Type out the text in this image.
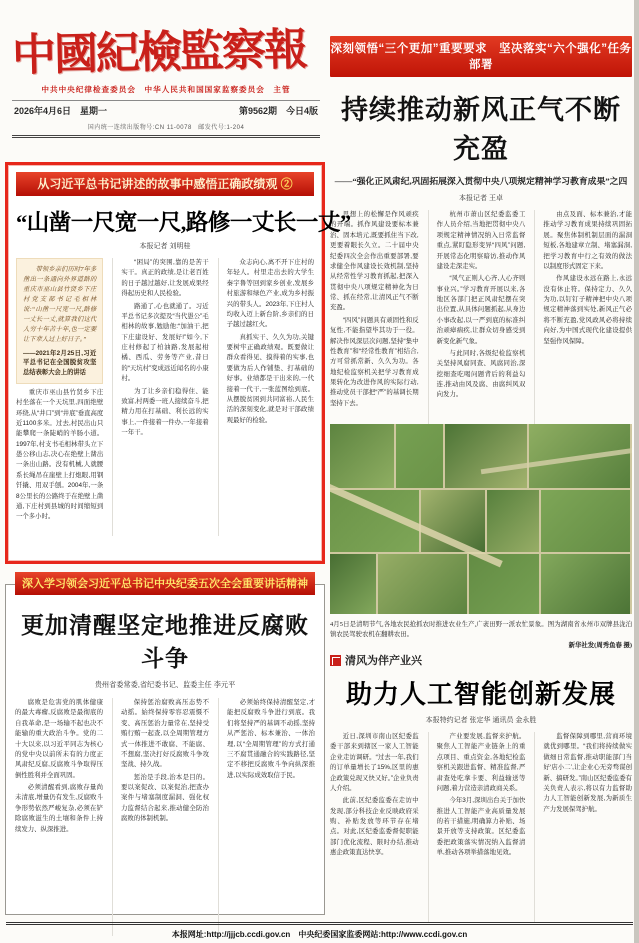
中國紀檢監察報
中共中央纪律检查委员会　中华人民共和国国家监察委员会　主管
2026年4月6日　星期一	第9562期　今日4版
国内统一连续出版物号:CN 11-0078　邮发代号:1-204
深刻领悟“三个更加”重要要求　坚决落实“六个强化”任务部署
持续推动新风正气不断充盈
——“强化正风肃纪,巩固拓展深入贯彻中央八项规定精神学习教育成果”之四
本报记者 王卓

思想上的松懈是作风顽疾的开端。抓作风建设要标本兼治、固本培元,既要抓住当下改,更要着眼长久立。二十届中央纪委四次全会作出重要部署,要求健全作风建设长效机制,坚持从经常性学习教育抓起,把深入贯彻中央八项规定精神化为日常、抓在经常,让清风正气不断充盈。

“四风”问题具有顽固性和反复性,不能指望毕其功于一役。解决作风深层次问题,坚持“集中性教育”和“经常性教育”相结合,方可常抓常新、久久为功。各地纪检监察机关把学习教育成果转化为改进作风的实际行动,推动党员干部把“严”的基调长期坚持下去。

杭州市萧山区纪委监委工作人员介绍,当地把贯彻中央八项规定精神情况纳入日常监督重点,紧盯隐形变异“四风”问题,开展常态化明察暗访,推动作风建设走深走实。

“风气正则人心齐,人心齐则事业兴。”学习教育开展以来,各地区各部门把正风肃纪摆在突出位置,从具体问题抓起,从身边小事改起,以一严到底的标准纠治顽瘴痼疾,让群众切身感受到新变化新气象。

与此同时,各级纪检监察机关坚持风腐同查、风腐同治,深挖细查吃喝问题背后的利益勾连,推动由风及腐、由腐纠风双向发力。

由点及面、标本兼治,才能推动学习教育成果持续巩固拓展。聚焦体制机制层面的漏洞短板,各地建章立制、堵塞漏洞,把学习教育中行之有效的做法以制度形式固定下来。

作风建设永远在路上,永远没有休止符。保持定力、久久为功,以钉钉子精神把中央八项规定精神落到实处,新风正气必将不断充盈,党风政风必将持续向好,为中国式现代化建设提供坚强作风保障。

从习近平总书记讲述的故事中感悟正确政绩观 ②
“山凿一尺宽一尺,路修一丈长一丈”
本报记者 刘明桂
带领乡亲们历时7年多凿出一条通向外界道路的重庆市巫山县竹贤乡下庄村党支部书记毛相林说:“山凿一尺宽一尺,路修一丈长一丈,就算我们这代人穷十年苦十年,也一定要让下辈人过上好日子。”
——2021年2月25日,习近平总书记在全国脱贫攻坚总结表彰大会上的讲话

重庆市巫山县竹贤乡下庄村坐落在一个天坑里,四面绝壁环绕,从“井口”到“井底”垂直高度近1100多米。过去,村民出山只能攀爬一条陡峭的羊肠小道。1997年,村支书毛相林带头立下愚公移山志,决心在绝壁上凿出一条出山路。没有机械,人就腰系长绳吊在崖壁上打炮眼,用钢钎撬、用双手刨。2004年,一条8公里长的公路终于在绝壁上凿通,下庄村到县城的时间缩短到一个多小时。

“困局”的突围,靠的是苦干实干。真正的政绩,是让老百姓的日子越过越好,让发展成果经得起历史和人民检验。

路通了,心也就通了。习近平总书记多次提及“当代愚公”毛相林的故事,勉励他:“加油干,把下庄建设好、发展好!”如今,下庄村修起了柏油路,发展起柑橘、西瓜、劳务等产业,昔日的“天坑村”变成远近闻名的小康村。

为了让乡亲们稳得住、能致富,村两委一班人接续奋斗,把精力用在打基础、利长远的实事上,一件接着一件办,一年接着一年干。

众志向心,离不开下庄村的年轻人。村里走出去的大学生秦宇鲁等回到家乡创业,发展乡村旅游和绿色产业,成为乡村振兴的带头人。2023年,下庄村人均收入迈上新台阶,乡亲们的日子越过越红火。

真抓实干、久久为功,关键要树牢正确政绩观。既要做让群众看得见、摸得着的实事,也要做为后人作铺垫、打基础的好事。业绩都是干出来的,一代接着一代干,一张蓝图绘到底。从摆脱贫困到共同富裕,人民生活的深刻变化,就是对干部政绩观最好的检验。

4月5日是清明节气,各地农民抢抓农时推进农业生产,广袤田野一派农忙景象。图为湖南省永州市双牌县泷泊镇农民驾驶农机在翻耕农田。
新华社发(周秀鱼春 摄)
深入学习领会习近平总书记中央纪委五次全会重要讲话精神
更加清醒坚定地推进反腐败斗争
贵州省委常委,省纪委书记、监委主任 李元平

腐败是危害党的肌体健康的最大毒瘤,反腐败是最彻底的自我革命,是一场输不起也决不能输的重大政治斗争。党的二十大以来,以习近平同志为核心的党中央以前所未有的力度正风肃纪反腐,反腐败斗争取得压倒性胜利并全面巩固。

必须清醒看到,腐败存量尚未清底,增量仍有发生,反腐败斗争形势依然严峻复杂,必须在铲除腐败滋生的土壤和条件上持续发力、纵深推进。

保持惩治腐败高压态势不动摇。始终保持零容忍震慑不变、高压惩治力量常在,坚持受贿行贿一起查,以全周期管理方式一体推进不敢腐、不能腐、不想腐,坚决打好反腐败斗争攻坚战、持久战。

惩治是手段,治本是目的。要以案促改、以案促治,把查办案件与堵塞制度漏洞、强化权力监督结合起来,推动健全防治腐败的体制机制。

必须始终保持清醒坚定,才能把反腐败斗争进行到底。我们将坚持严的基调不动摇,坚持从严惩治、标本兼治、一体治理,以“全周期管理”的方式打通三不腐贯通融合的实践路径,坚定不移把反腐败斗争向纵深推进,以实际成效取信于民。

清风为伴产业兴
助力人工智能创新发展
本报特约记者 张定华 通讯员 金永胜

近日,深圳市南山区纪委监委干部来到辖区一家人工智能企业走访调研。“过去一年,我们的订单量增长了15%,区里的惠企政策兑现又快又好。”企业负责人介绍。

此前,区纪委监委在走访中发现,部分科技企业反映政府采购、补贴发放等环节存在堵点。对此,区纪委监委督促职能部门优化流程、限时办结,推动惠企政策直达快享。

产业要发展,监督来护航。聚焦人工智能产业链条上的重点项目、重点资金,各地纪检监察机关跟进监督、精准监督,严肃查处吃拿卡要、利益输送等问题,着力营造亲清政商关系。

今年3月,深圳出台关于加快推进人工智能产业高质量发展的若干措施,明确算力补贴、场景开放等支持政策。区纪委监委把政策落实情况纳入监督清单,推动各项举措落地见效。

监督保障到哪里,营商环境就优到哪里。“我们将持续做实做细日常监督,推动职能部门当好‘店小二’,让企业心无旁骛谋创新、搞研发。”南山区纪委监委有关负责人表示,将以有力监督助力人工智能创新发展,为新质生产力发展保驾护航。

本报网址:http://jjjcb.ccdi.gov.cn　中央纪委国家监委网站:http://www.ccdi.gov.cn
